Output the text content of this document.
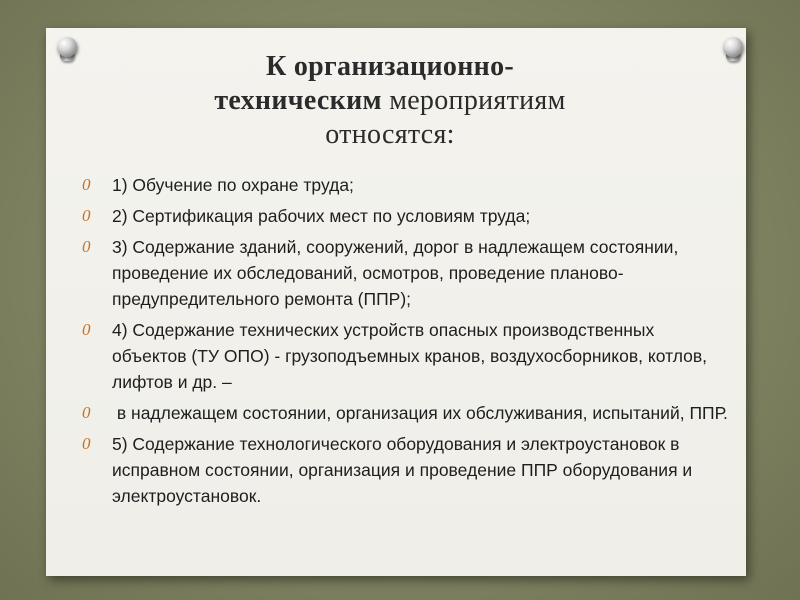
К организационно-
техническим мероприятиям
относятся:
0 1) Обучение по охране труда;
0 2) Сертификация рабочих мест по условиям труда;
0 3) Содержание зданий, сооружений, дорог в надлежащем состоянии, проведение их обследований, осмотров, проведение планово-предупредительного ремонта (ППР);
0 4) Содержание технических устройств опасных производственных объектов (ТУ ОПО) - грузоподъемных кранов, воздухосборников, котлов, лифтов и др. –
0 в надлежащем состоянии, организация их обслуживания, испытаний, ППР.
0 5) Содержание технологического оборудования и электроустановок в исправном состоянии, организация и проведение ППР оборудования и электроустановок.
